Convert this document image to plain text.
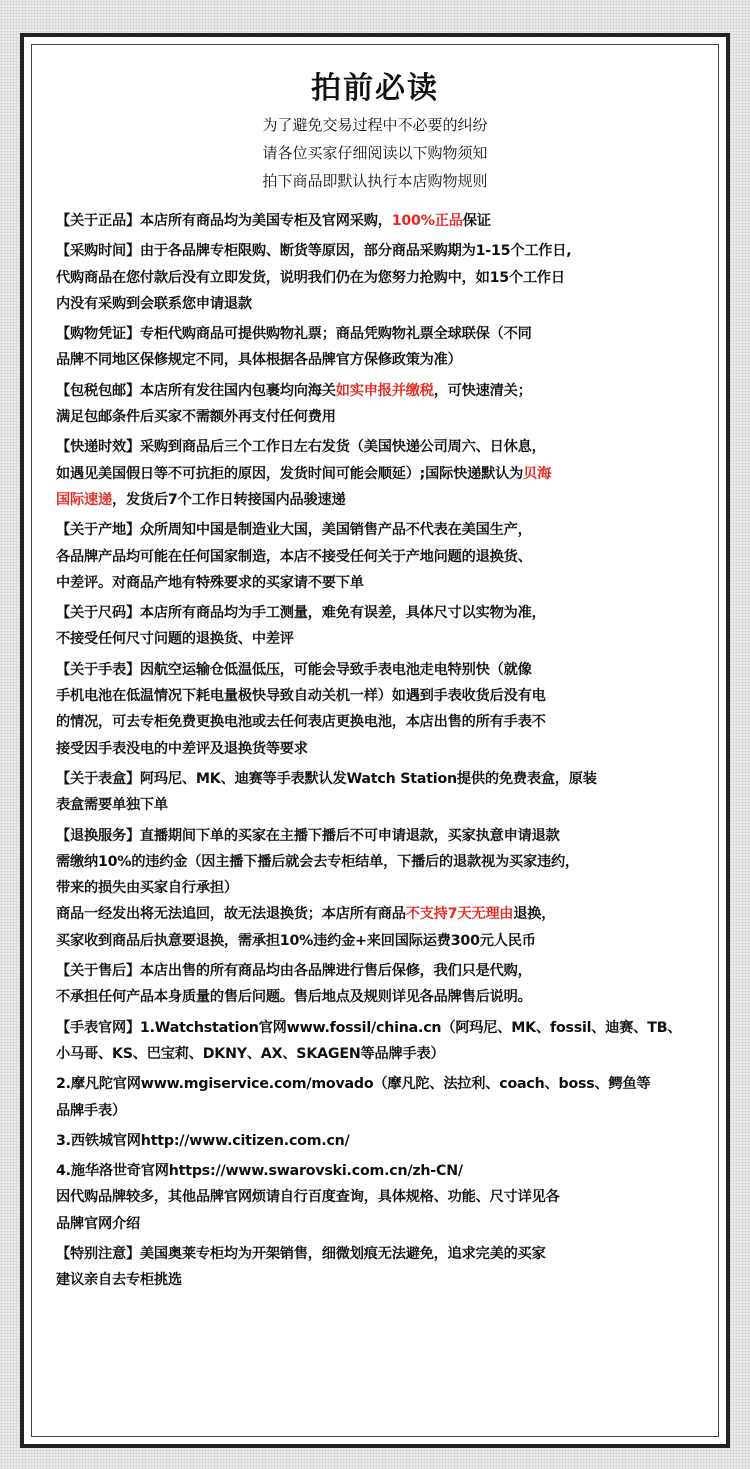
拍前必读
为了避免交易过程中不必要的纠纷
请各位买家仔细阅读以下购物须知
拍下商品即默认执行本店购物规则
【关于正品】本店所有商品均为美国专柜及官网采购，100%正品保证
【采购时间】由于各品牌专柜限购、断货等原因，部分商品采购期为1-15个工作日,
代购商品在您付款后没有立即发货，说明我们仍在为您努力抢购中，如15个工作日
内没有采购到会联系您申请退款
【购物凭证】专柜代购商品可提供购物礼票；商品凭购物礼票全球联保（不同
品牌不同地区保修规定不同，具体根据各品牌官方保修政策为准）
【包税包邮】本店所有发往国内包裹均向海关如实申报并缴税，可快速清关；
满足包邮条件后买家不需额外再支付任何费用
【快递时效】采购到商品后三个工作日左右发货（美国快递公司周六、日休息，
如遇见美国假日等不可抗拒的原因，发货时间可能会顺延）;国际快递默认为贝海
国际速递，发货后7个工作日转接国内品骏速递
【关于产地】众所周知中国是制造业大国，美国销售产品不代表在美国生产，
各品牌产品均可能在任何国家制造，本店不接受任何关于产地问题的退换货、
中差评。对商品产地有特殊要求的买家请不要下单
【关于尺码】本店所有商品均为手工测量，难免有误差，具体尺寸以实物为准，
不接受任何尺寸问题的退换货、中差评
【关于手表】因航空运输仓低温低压，可能会导致手表电池走电特别快（就像
手机电池在低温情况下耗电量极快导致自动关机一样）如遇到手表收货后没有电
的情况，可去专柜免费更换电池或去任何表店更换电池，本店出售的所有手表不
接受因手表没电的中差评及退换货等要求
【关于表盒】阿玛尼、MK、迪赛等手表默认发Watch Station提供的免费表盒，原装
表盒需要单独下单
【退换服务】直播期间下单的买家在主播下播后不可申请退款，买家执意申请退款
需缴纳10%的违约金（因主播下播后就会去专柜结单，下播后的退款视为买家违约，
带来的损失由买家自行承担）
商品一经发出将无法追回，故无法退换货；本店所有商品不支持7天无理由退换，
买家收到商品后执意要退换，需承担10%违约金+来回国际运费300元人民币
【关于售后】本店出售的所有商品均由各品牌进行售后保修，我们只是代购，
不承担任何产品本身质量的售后问题。售后地点及规则详见各品牌售后说明。
【手表官网】1.Watchstation官网www.fossil/china.cn（阿玛尼、MK、fossil、迪赛、TB、
小马哥、KS、巴宝莉、DKNY、AX、SKAGEN等品牌手表）
2.摩凡陀官网www.mgiservice.com/movado（摩凡陀、法拉利、coach、boss、鳄鱼等
品牌手表）
3.西铁城官网http://www.citizen.com.cn/
4.施华洛世奇官网https://www.swarovski.com.cn/zh-CN/
因代购品牌较多，其他品牌官网烦请自行百度查询，具体规格、功能、尺寸详见各
品牌官网介绍
【特别注意】美国奥莱专柜均为开架销售，细微划痕无法避免，追求完美的买家
建议亲自去专柜挑选
